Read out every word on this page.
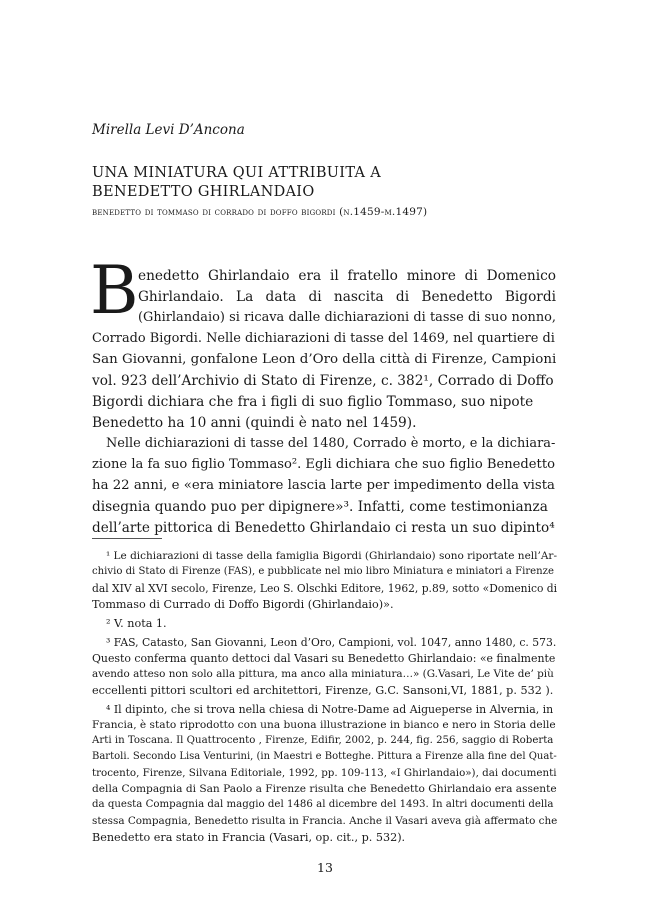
Mirella Levi D’Ancona
UNA MINIATURA QUI ATTRIBUITA A
BENEDETTO GHIRLANDAIO
benedetto di tommaso di corrado di doffo bigordi (n.1459-m.1497)
B enedetto Ghirlandaio era il fratello minore di Domenico
Ghirlandaio. La data di nascita di Benedetto Bigordi
(Ghirlandaio) si ricava dalle dichiarazioni di tasse di suo nonno,
Corrado Bigordi. Nelle dichiarazioni di tasse del 1469, nel quartiere di
San Giovanni, gonfalone Leon d’Oro della città di Firenze, Campioni
vol. 923 dell’Archivio di Stato di Firenze, c. 382¹, Corrado di Doffo
Bigordi dichiara che fra i figli di suo figlio Tommaso, suo nipote
Benedetto ha 10 anni (quindi è nato nel 1459).
Nelle dichiarazioni di tasse del 1480, Corrado è morto, e la dichiara-
zione la fa suo figlio Tommaso². Egli dichiara che suo figlio Benedetto
ha 22 anni, e «era miniatore lascia larte per impedimento della vista
disegnia quando puo per dipignere»³. Infatti, come testimonianza
dell’arte pittorica di Benedetto Ghirlandaio ci resta un suo dipinto⁴
¹ Le dichiarazioni di tasse della famiglia Bigordi (Ghirlandaio) sono riportate nell’Ar-
chivio di Stato di Firenze (FAS), e pubblicate nel mio libro Miniatura e miniatori a Firenze
dal XIV al XVI secolo, Firenze, Leo S. Olschki Editore, 1962, p.89, sotto «Domenico di
Tommaso di Currado di Doffo Bigordi (Ghirlandaio)».
² V. nota 1.
³ FAS, Catasto, San Giovanni, Leon d’Oro, Campioni, vol. 1047, anno 1480, c. 573.
Questo conferma quanto dettoci dal Vasari su Benedetto Ghirlandaio: «e finalmente
avendo atteso non solo alla pittura, ma anco alla miniatura…» (G.Vasari, Le Vite de’ più
eccellenti pittori scultori ed architettori, Firenze, G.C. Sansoni,VI, 1881, p. 532 ).
⁴ Il dipinto, che si trova nella chiesa di Notre-Dame ad Aiguеperse in Alvernia, in
Francia, è stato riprodotto con una buona illustrazione in bianco e nero in Storia delle
Arti in Toscana. Il Quattrocento , Firenze, Edifir, 2002, p. 244, fig. 256, saggio di Roberta
Bartoli. Secondo Lisa Venturini, (in Maestri e Botteghe. Pittura a Firenze alla fine del Quat-
trocento, Firenze, Silvana Editoriale, 1992, pp. 109-113, «I Ghirlandaio»), dai documenti
della Compagnia di San Paolo a Firenze risulta che Benedetto Ghirlandaio era assente
da questa Compagnia dal maggio del 1486 al dicembre del 1493. In altri documenti della
stessa Compagnia, Benedetto risulta in Francia. Anche il Vasari aveva già affermato che
Benedetto era stato in Francia (Vasari, op. cit., p. 532).
13
